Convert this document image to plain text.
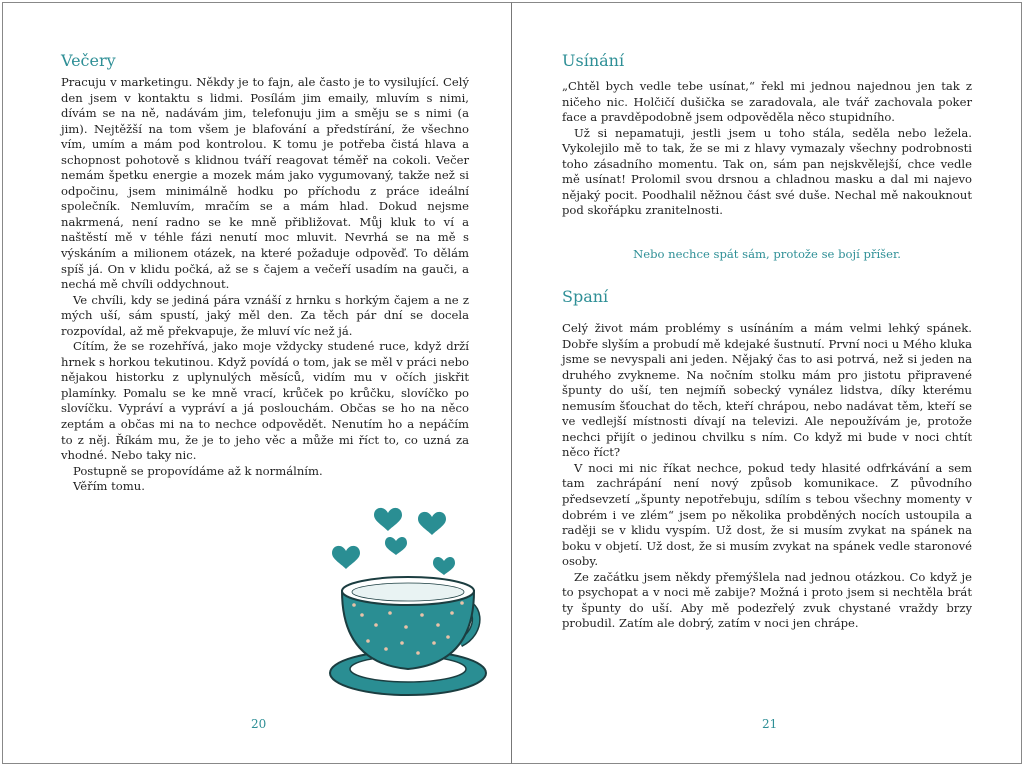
Večery

Pracuju v marketingu. Někdy je to fajn, ale často je to vysilující. Celý den jsem v kontaktu s lidmi. Posílám jim emaily, mluvím s nimi, dívám se na ně, nadávám jim, telefonuju jim a směju se s nimi (a jim). Nejtěžší na tom všem je blafování a předstírání, že všechno vím, umím a mám pod kontrolou. K tomu je potřeba čistá hlava a schopnost pohotově s klidnou tváří reagovat téměř na cokoli. Večer nemám špetku energie a mozek mám jako vygumovaný, takže než si odpočinu, jsem minimálně hodku po příchodu z práce ideální společník. Nemluvím, mračím se a mám hlad. Dokud nejsme nakrmená, není radno se ke mně přibližovat. Můj kluk to ví a naštěstí mě v téhle fázi nenutí moc mluvit. Nevrhá se na mě s výskáním a milionem otázek, na které požaduje odpověď. To dělám spíš já. On v klidu počká, až se s čajem a večeří usadím na gauči, a nechá mě chvíli oddychnout.

Ve chvíli, kdy se jediná pára vznáší z hrnku s horkým čajem a ne z mých uší, sám spustí, jaký měl den. Za těch pár dní se docela rozpovídal, až mě překvapuje, že mluví víc než já.

Cítím, že se rozehřívá, jako moje vždycky studené ruce, když drží hrnek s horkou tekutinou. Když povídá o tom, jak se měl v práci nebo nějakou historku z uplynulých měsíců, vidím mu v očích jiskřit plamínky. Pomalu se ke mně vrací, krůček po krůčku, slovíčko po slovíčku. Vypráví a vypráví a já poslouchám. Občas se ho na něco zeptám a občas mi na to nechce odpovědět. Nenutím ho a nepáčím to z něj. Říkám mu, že je to jeho věc a může mi říct to, co uzná za vhodné. Nebo taky nic.

Postupně se propovídáme až k normálním.

Věřím tomu.

20
Usínání

„Chtěl bych vedle tebe usínat,“ řekl mi jednou najednou jen tak z ničeho nic. Holčičí dušička se zaradovala, ale tvář zachovala poker face a pravděpodobně jsem odpověděla něco stupidního.

Už si nepamatuji, jestli jsem u toho stála, seděla nebo ležela. Vykolejilo mě to tak, že se mi z hlavy vymazaly všechny podrobnosti toho zásadního momentu. Tak on, sám pan nejskvělejší, chce vedle mě usínat! Prolomil svou drsnou a chladnou masku a dal mi najevo nějaký pocit. Poodhalil něžnou část své duše. Nechal mě nakouknout pod skořápku zranitelnosti.

Nebo nechce spát sám, protože se bojí příšer.
Spaní

Celý život mám problémy s usínáním a mám velmi lehký spánek. Dobře slyším a probudí mě kdejaké šustnutí. První noci u Mého kluka jsme se nevyspali ani jeden. Nějaký čas to asi potrvá, než si jeden na druhého zvykneme. Na nočním stolku mám pro jistotu připravené špunty do uší, ten nejmíň sobecký vynález lidstva, díky kterému nemusím šťouchat do těch, kteří chrápou, nebo nadávat těm, kteří se ve vedlejší místnosti dívají na televizi. Ale nepoužívám je, protože nechci přijít o jedinou chvilku s ním. Co když mi bude v noci chtít něco říct?

V noci mi nic říkat nechce, pokud tedy hlasité odfrkávání a sem tam zachrápání není nový způsob komunikace. Z původního předsevzetí „špunty nepotřebuju, sdílím s tebou všechny momenty v dobrém i ve zlém“ jsem po několika probděných nocích ustoupila a raději se v klidu vyspím. Už dost, že si musím zvykat na spánek na boku v objetí. Už dost, že si musím zvykat na spánek vedle staronové osoby.

Ze začátku jsem někdy přemýšlela nad jednou otázkou. Co když je to psychopat a v noci mě zabije? Možná i proto jsem si nechtěla brát ty špunty do uší. Aby mě podezřelý zvuk chystané vraždy brzy probudil. Zatím ale dobrý, zatím v noci jen chrápe.

21
